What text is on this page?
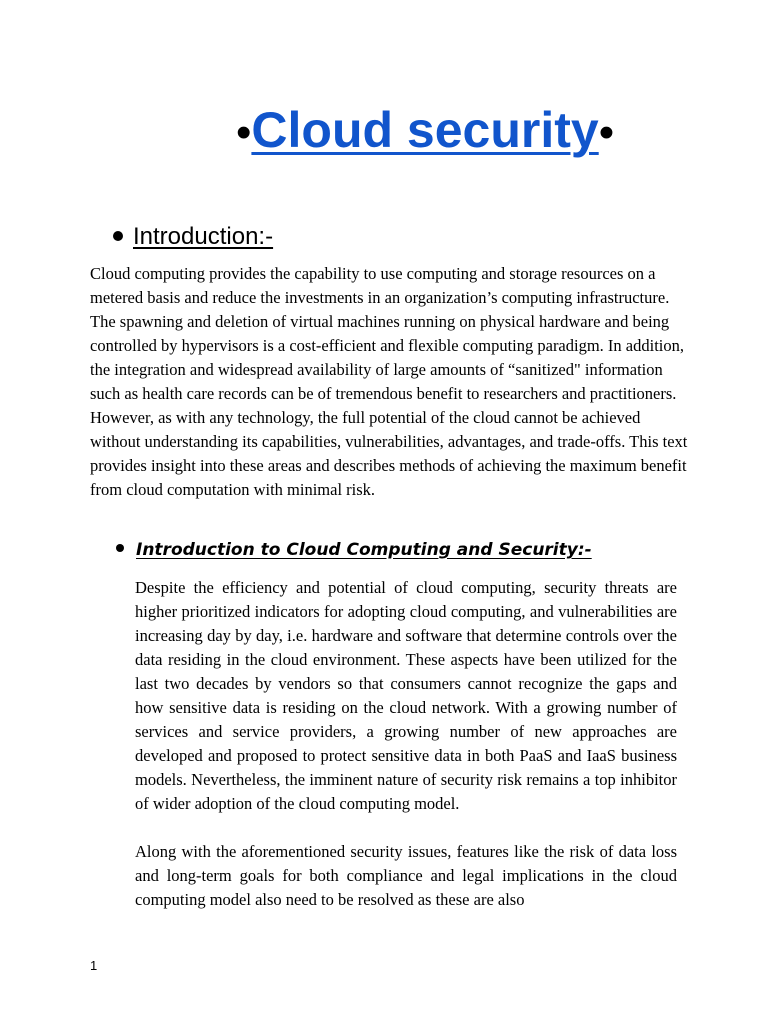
•Cloud security•
Introduction:-

Cloud computing provides the capability to use computing and storage resources on a metered basis and reduce the investments in an organization’s computing infrastructure. The spawning and deletion of virtual machines running on physical hardware and being controlled by hypervisors is a cost-efficient and flexible computing paradigm. In addition, the integration and widespread availability of large amounts of “sanitized" information such as health care records can be of tremendous benefit to researchers and practitioners. However, as with any technology, the full potential of the cloud cannot be achieved without understanding its capabilities, vulnerabilities, advantages, and trade-offs. This text provides insight into these areas and describes methods of achieving the maximum benefit from cloud computation with minimal risk.

Introduction to Cloud Computing and Security:-

Despite the efficiency and potential of cloud computing, security threats are higher prioritized indicators for adopting cloud computing, and vulnerabilities are increasing day by day, i.e. hardware and software that determine controls over the data residing in the cloud environment. These aspects have been utilized for the last two decades by vendors so that consumers cannot recognize the gaps and how sensitive data is residing on the cloud network. With a growing number of services and service providers, a growing number of new approaches are developed and proposed to protect sensitive data in both PaaS and IaaS business models. Nevertheless, the imminent nature of security risk remains a top inhibitor of wider adoption of the cloud computing model.

Along with the aforementioned security issues, features like the risk of data loss and long-term goals for both compliance and legal implications in the cloud computing model also need to be resolved as these are also

1
